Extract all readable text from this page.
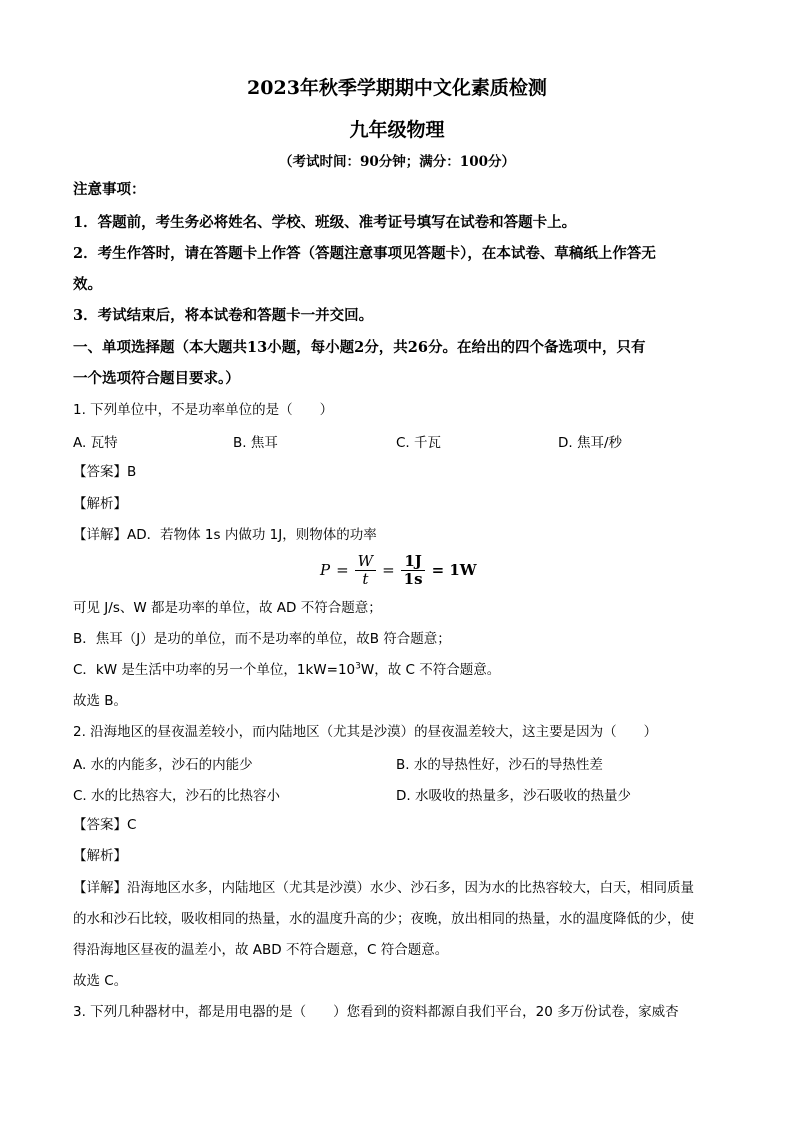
2023年秋季学期期中文化素质检测
九年级物理
（考试时间：90分钟；满分：100分）
注意事项：
1．答题前，考生务必将姓名、学校、班级、准考证号填写在试卷和答题卡上。
2．考生作答时，请在答题卡上作答（答题注意事项见答题卡），在本试卷、草稿纸上作答无
效。
3．考试结束后，将本试卷和答题卡一并交回。
一、单项选择题（本大题共13小题，每小题2分，共26分。在给出的四个备选项中，只有
一个选项符合题目要求。）
1. 下列单位中，不是功率单位的是（　　）
A. 瓦特	B. 焦耳	C. 千瓦	D. 焦耳/秒
【答案】B
【解析】
【详解】AD．若物体 1s 内做功 1J，则物体的功率
$P = \frac{W}{t} = \frac{1J}{1s} = 1W$
可见 J/s、W 都是功率的单位，故 AD 不符合题意；
B．焦耳（J）是功的单位，而不是功率的单位，故B 符合题意；
C．kW 是生活中功率的另一个单位，$1kW=10^3W$，故 C 不符合题意。
故选 B。
2. 沿海地区的昼夜温差较小，而内陆地区（尤其是沙漠）的昼夜温差较大，这主要是因为（　　）
A. 水的内能多，沙石的内能少	B. 水的导热性好，沙石的导热性差
C. 水的比热容大，沙石的比热容小	D. 水吸收的热量多，沙石吸收的热量少
【答案】C
【解析】
【详解】沿海地区水多，内陆地区（尤其是沙漠）水少、沙石多，因为水的比热容较大，白天，相同质量
的水和沙石比较，吸收相同的热量，水的温度升高的少；夜晚，放出相同的热量，水的温度降低的少，使
得沿海地区昼夜的温差小，故 ABD 不符合题意，C 符合题意。
故选 C。
3. 下列几种器材中，都是用电器的是（　　）您看到的资料都源自我们平台，20 多万份试卷，家威杏
